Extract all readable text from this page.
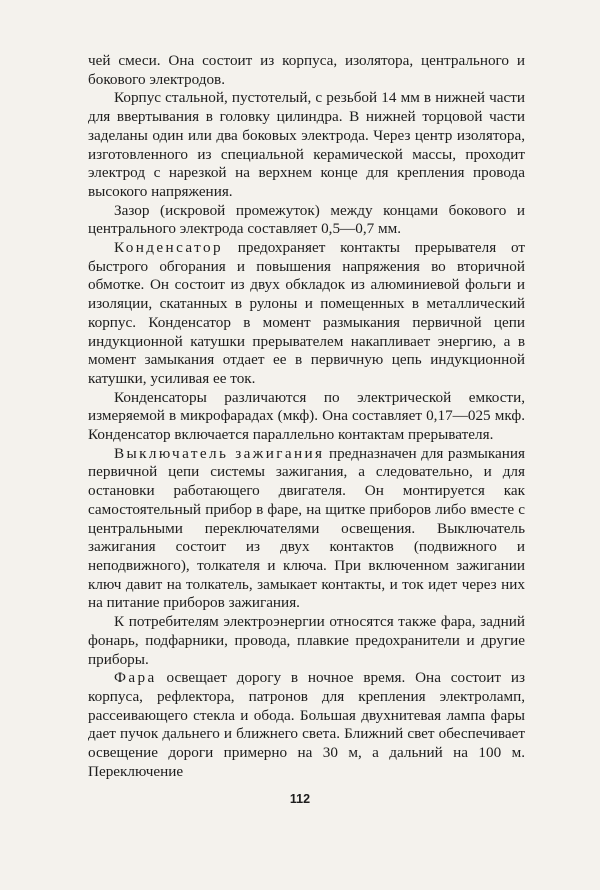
чей смеси. Она состоит из корпуса, изолятора, центрального и бокового электродов.

Корпус стальной, пустотелый, с резьбой 14 мм в нижней части для ввертывания в головку цилиндра. В нижней торцовой части заделаны один или два боковых электрода. Через центр изолятора, изготовленного из специальной керамической массы, проходит электрод с нарезкой на верхнем конце для крепления провода высокого напряжения.

Зазор (искровой промежуток) между концами бокового и центрального электрода составляет 0,5—0,7 мм.

Конденсатор предохраняет контакты прерывателя от быстрого обгорания и повышения напряжения во вторичной обмотке. Он состоит из двух обкладок из алюминиевой фольги и изоляции, скатанных в рулоны и помещенных в металлический корпус. Конденсатор в момент размыкания первичной цепи индукционной катушки прерывателем накапливает энергию, а в момент замыкания отдает ее в первичную цепь индукционной катушки, усиливая ее ток.

Конденсаторы различаются по электрической емкости, измеряемой в микрофарадах (мкф). Она составляет 0,17—025 мкф. Конденсатор включается параллельно контактам прерывателя.

Выключатель зажигания предназначен для размыкания первичной цепи системы зажигания, а следовательно, и для остановки работающего двигателя. Он монтируется как самостоятельный прибор в фаре, на щитке приборов либо вместе с центральными переключателями освещения. Выключатель зажигания состоит из двух контактов (подвижного и неподвижного), толкателя и ключа. При включенном зажигании ключ давит на толкатель, замыкает контакты, и ток идет через них на питание приборов зажигания.

К потребителям электроэнергии относятся также фара, задний фонарь, подфарники, провода, плавкие предохранители и другие приборы.

Фара освещает дорогу в ночное время. Она состоит из корпуса, рефлектора, патронов для крепления электроламп, рассеивающего стекла и обода. Большая двухнитевая лампа фары дает пучок дальнего и ближнего света. Ближний свет обеспечивает освещение дороги примерно на 30 м, а дальний на 100 м. Переключение

112
